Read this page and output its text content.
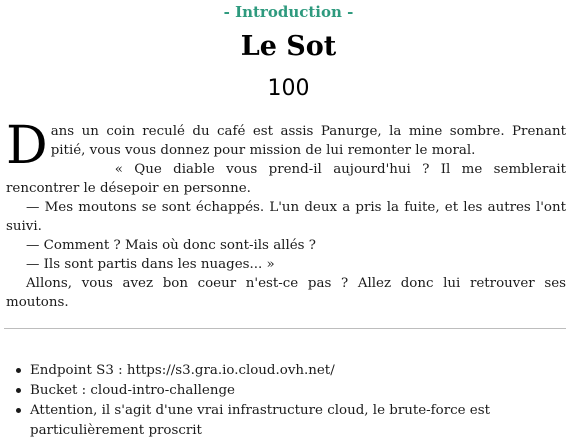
- Introduction -
Le Sot
100

Dans un coin reculé du café est assis Panurge, la mine sombre. Prenant pitié, vous vous donnez pour mission de lui remonter le moral.

« Que diable vous prend-il aujourd'hui ? Il me semblerait rencontrer le désepoir en personne.

— Mes moutons se sont échappés. L'un deux a pris la fuite, et les autres l'ont suivi.

— Comment ? Mais où donc sont-ils allés ?

— Ils sont partis dans les nuages... »

Allons, vous avez bon coeur n'est-ce pas ? Allez donc lui retrouver ses moutons.

Endpoint S3 : https://s3.gra.io.cloud.ovh.net/
Bucket : cloud-intro-challenge
Attention, il s'agit d'une vrai infrastructure cloud, le brute-force est particulièrement proscrit
